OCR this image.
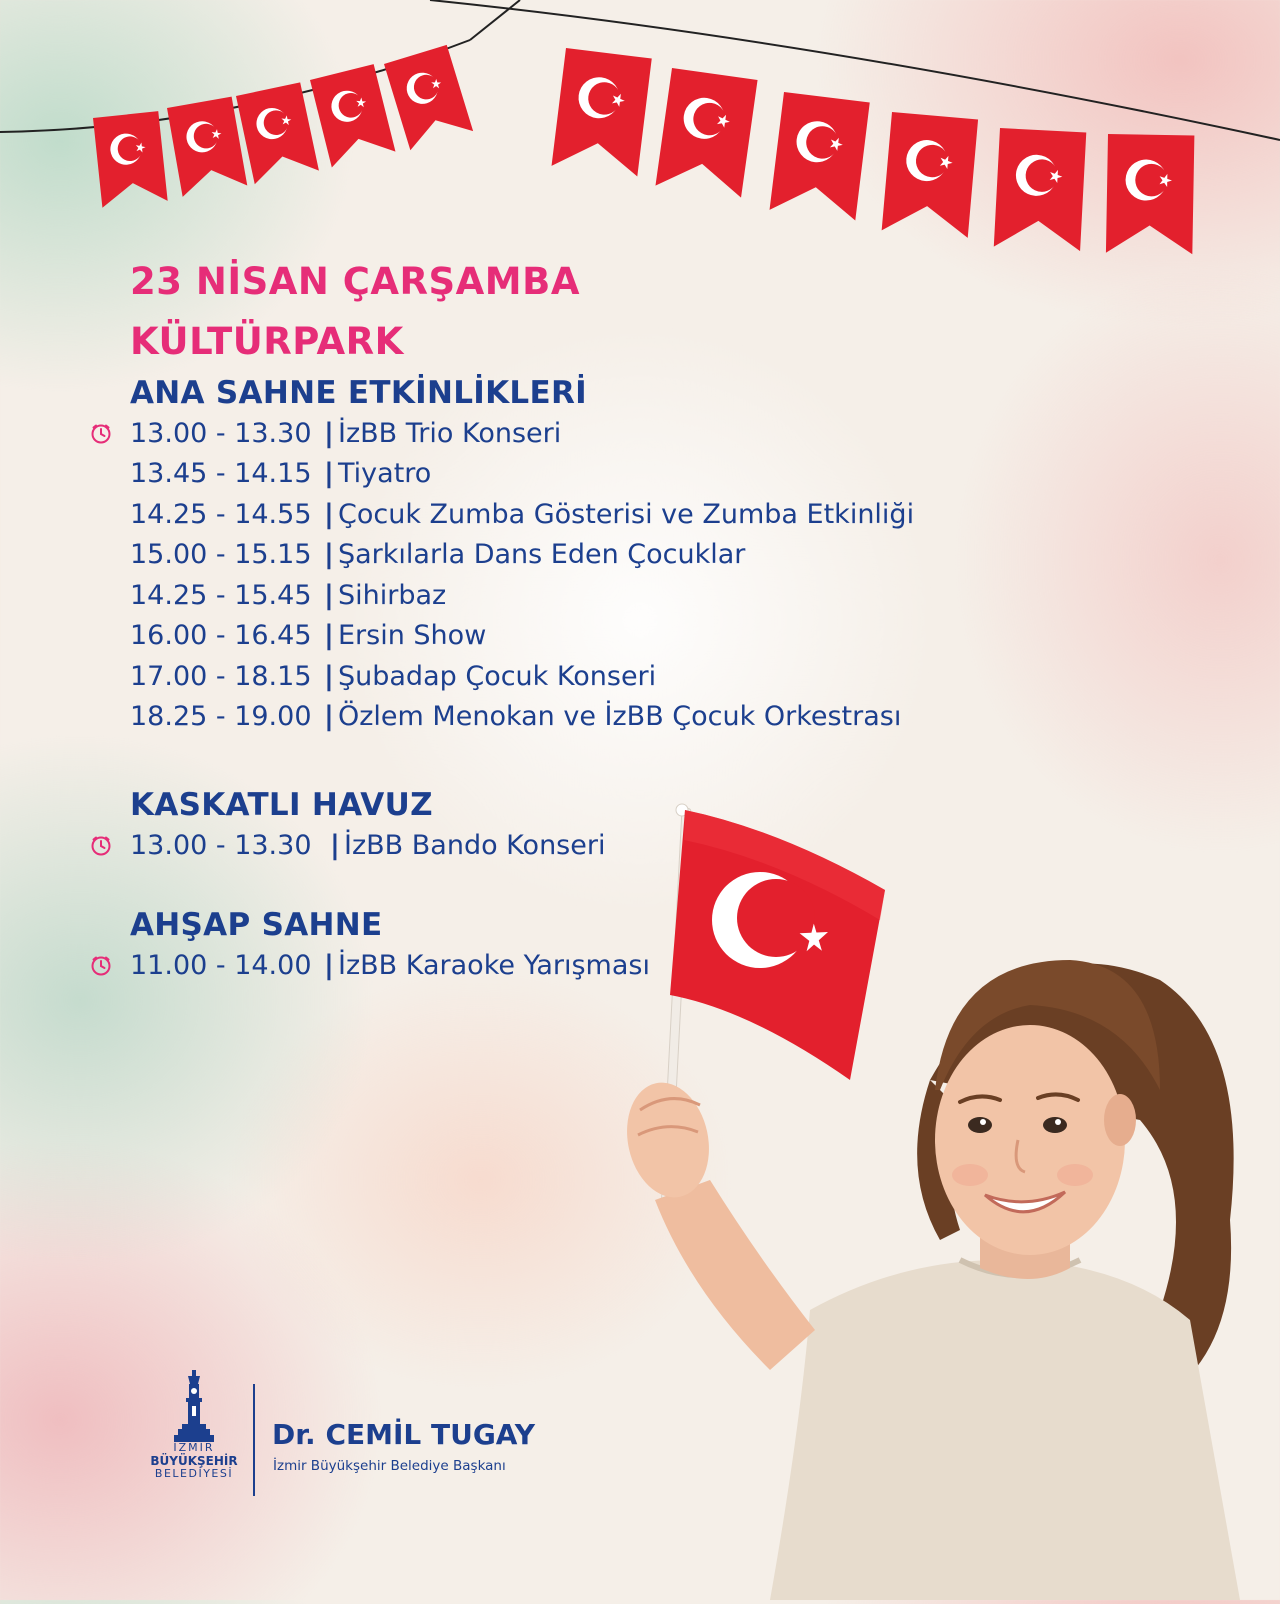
23 NİSAN ÇARŞAMBA
KÜLTÜRPARK
ANA SAHNE ETKİNLİKLERİ
13.00 - 13.30 | İzBB Trio Konseri
13.45 - 14.15 | Tiyatro
14.25 - 14.55 | Çocuk Zumba Gösterisi ve Zumba Etkinliği
15.00 - 15.15 | Şarkılarla Dans Eden Çocuklar
14.25 - 15.45 | Sihirbaz
16.00 - 16.45 | Ersin Show
17.00 - 18.15 | Şubadap Çocuk Konseri
18.25 - 19.00 | Özlem Menokan ve İzBB Çocuk Orkestrası
KASKATLI HAVUZ
13.00 - 13.30 | İzBB Bando Konseri
AHŞAP SAHNE
11.00 - 14.00 | İzBB Karaoke Yarışması
İZMİR
BÜYÜKŞEHİR
BELEDİYESİ

Dr. CEMİL TUGAY

İzmir Büyükşehir Belediye Başkanı
